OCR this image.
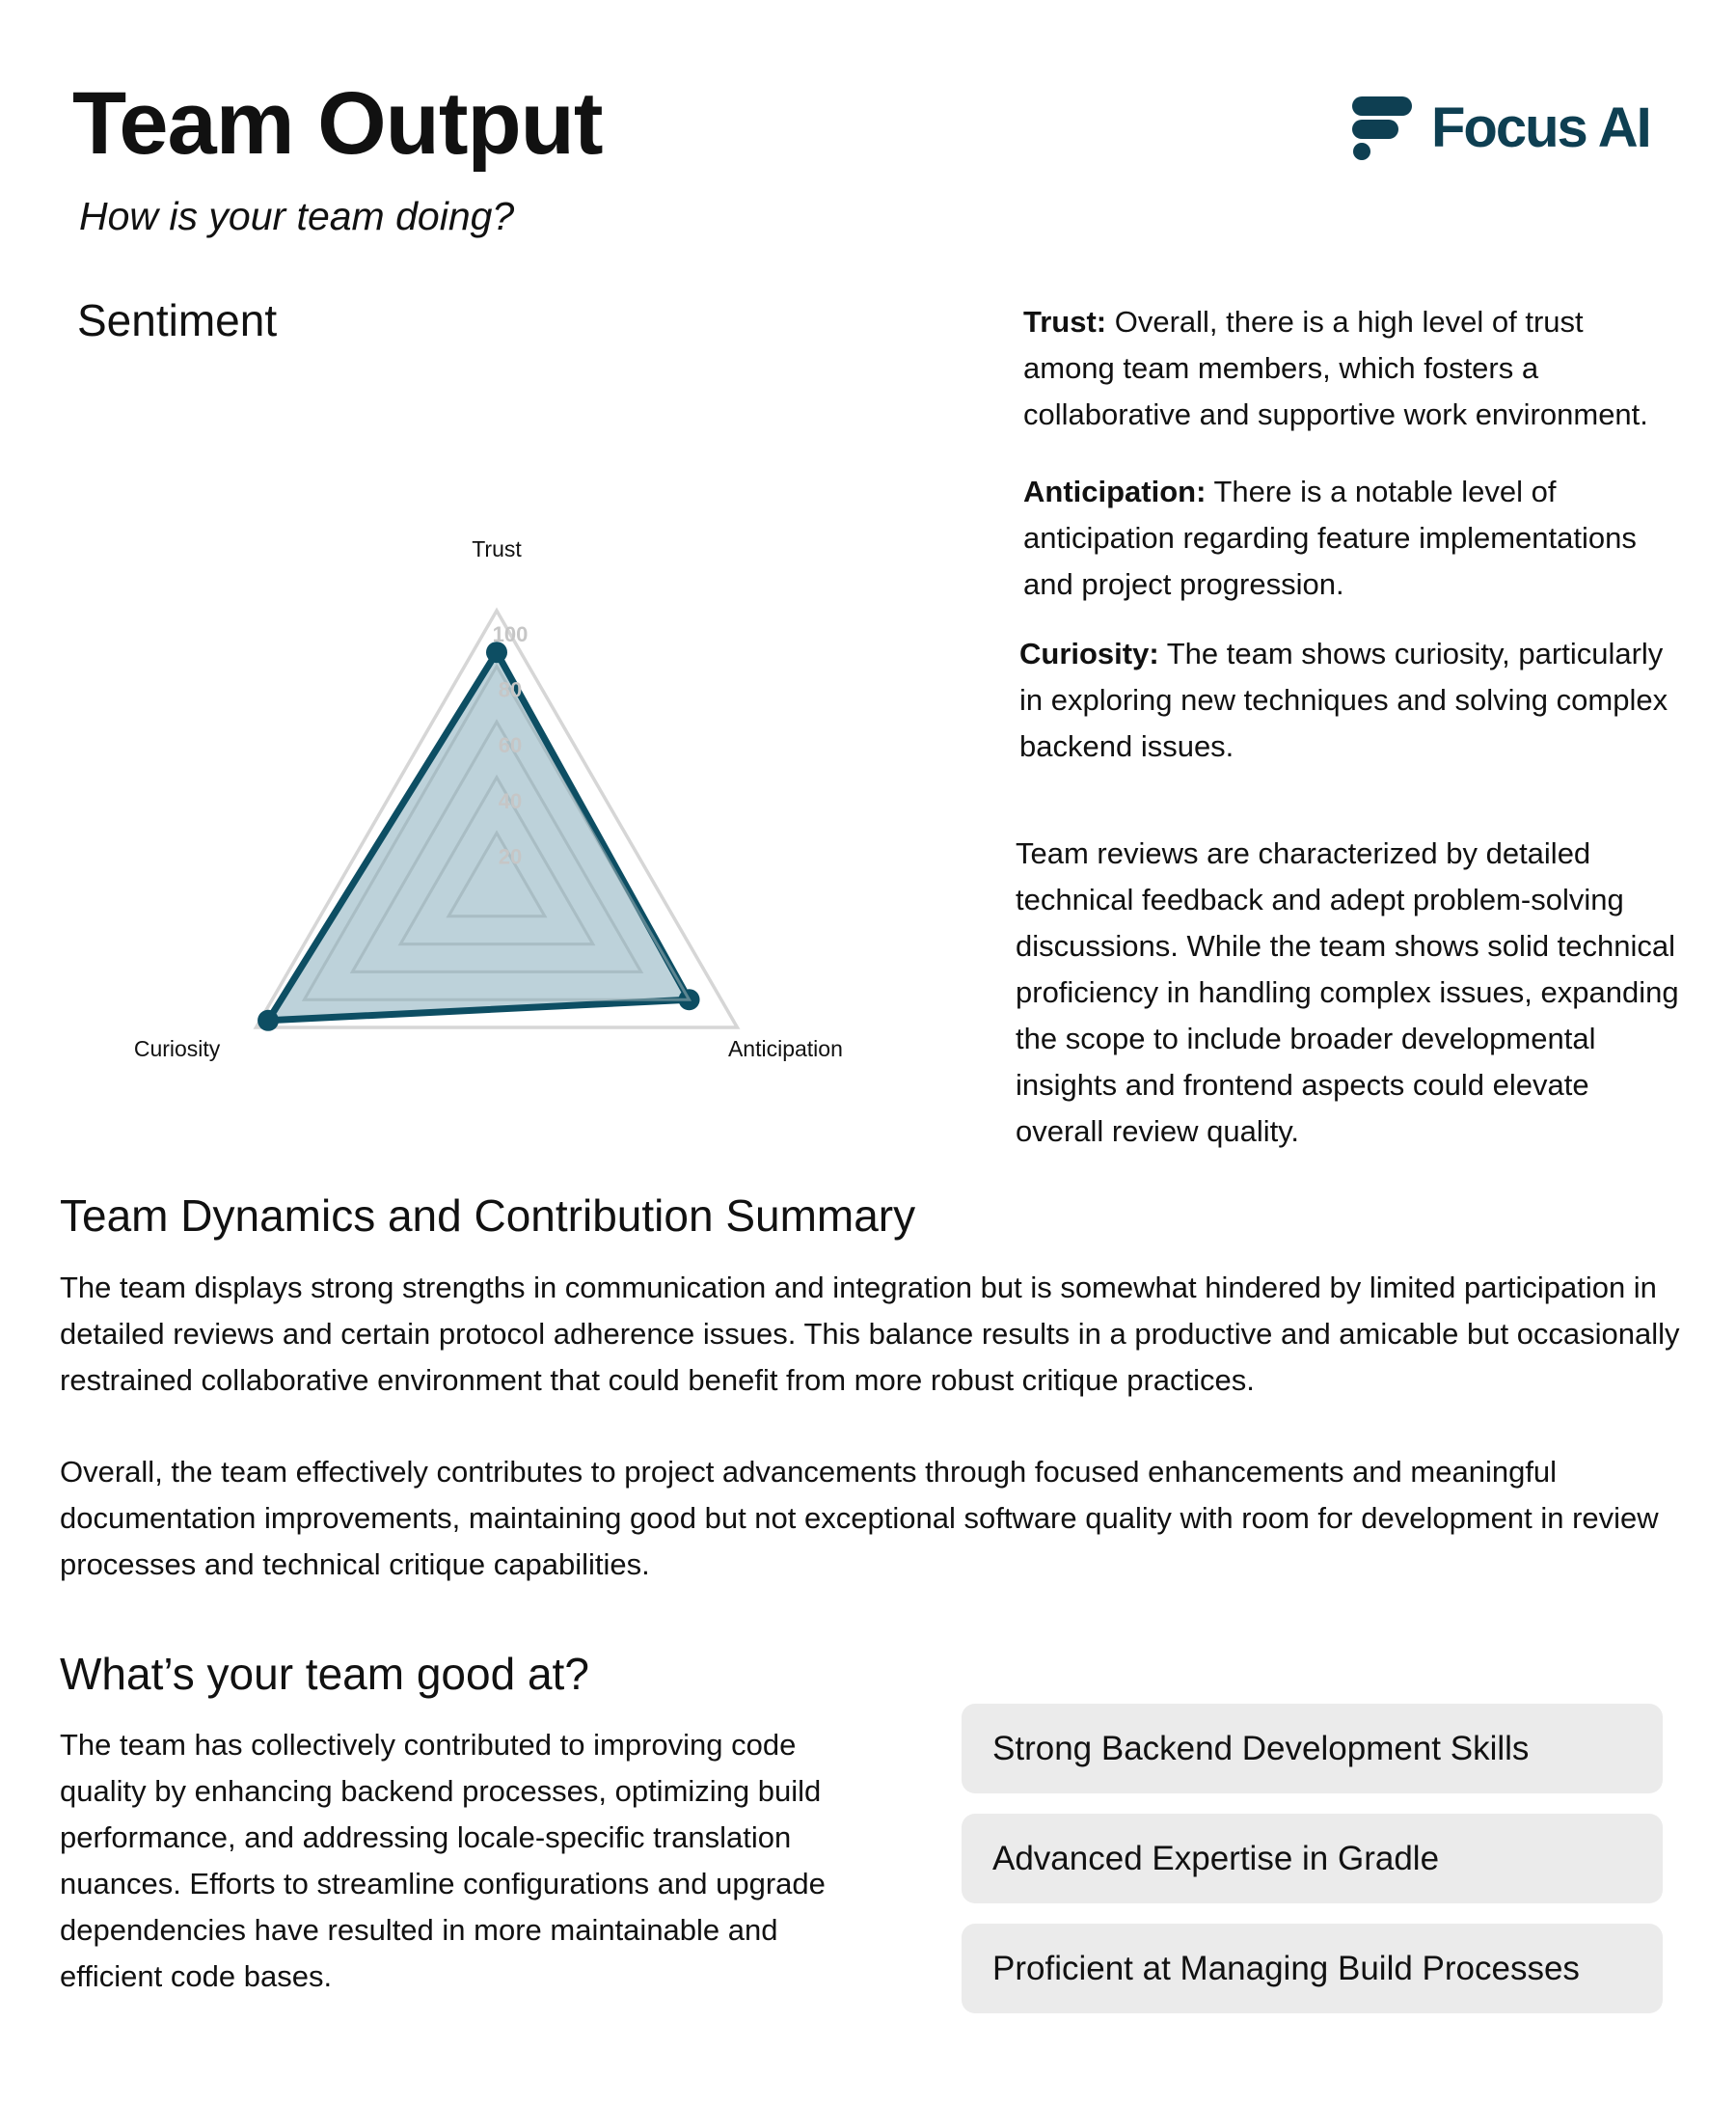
Team Output
How is your team doing?
Focus AI
Sentiment
20
40
60
80
100
Trust
Anticipation
Curiosity

Trust: Overall, there is a high level of trust among team members, which fosters a collaborative and supportive work environment.

Anticipation: There is a notable level of anticipation regarding feature implementations and project progression.

Curiosity: The team shows curiosity, particularly in exploring new techniques and solving complex backend issues.

Team reviews are characterized by detailed technical feedback and adept problem-solving discussions. While the team shows solid technical proficiency in handling complex issues, expanding the scope to include broader developmental insights and frontend aspects could elevate overall review quality.

Team Dynamics and Contribution Summary

The team displays strong strengths in communication and integration but is somewhat hindered by limited participation in detailed reviews and certain protocol adherence issues. This balance results in a productive and amicable but occasionally restrained collaborative environment that could benefit from more robust critique practices.

Overall, the team effectively contributes to project advancements through focused enhancements and meaningful documentation improvements, maintaining good but not exceptional software quality with room for development in review processes and technical critique capabilities.

What’s your team good at?

The team has collectively contributed to improving code quality by enhancing backend processes, optimizing build performance, and addressing locale-specific translation nuances. Efforts to streamline configurations and upgrade dependencies have resulted in more maintainable and efficient code bases.

Strong Backend Development Skills
Advanced Expertise in Gradle
Proficient at Managing Build Processes
